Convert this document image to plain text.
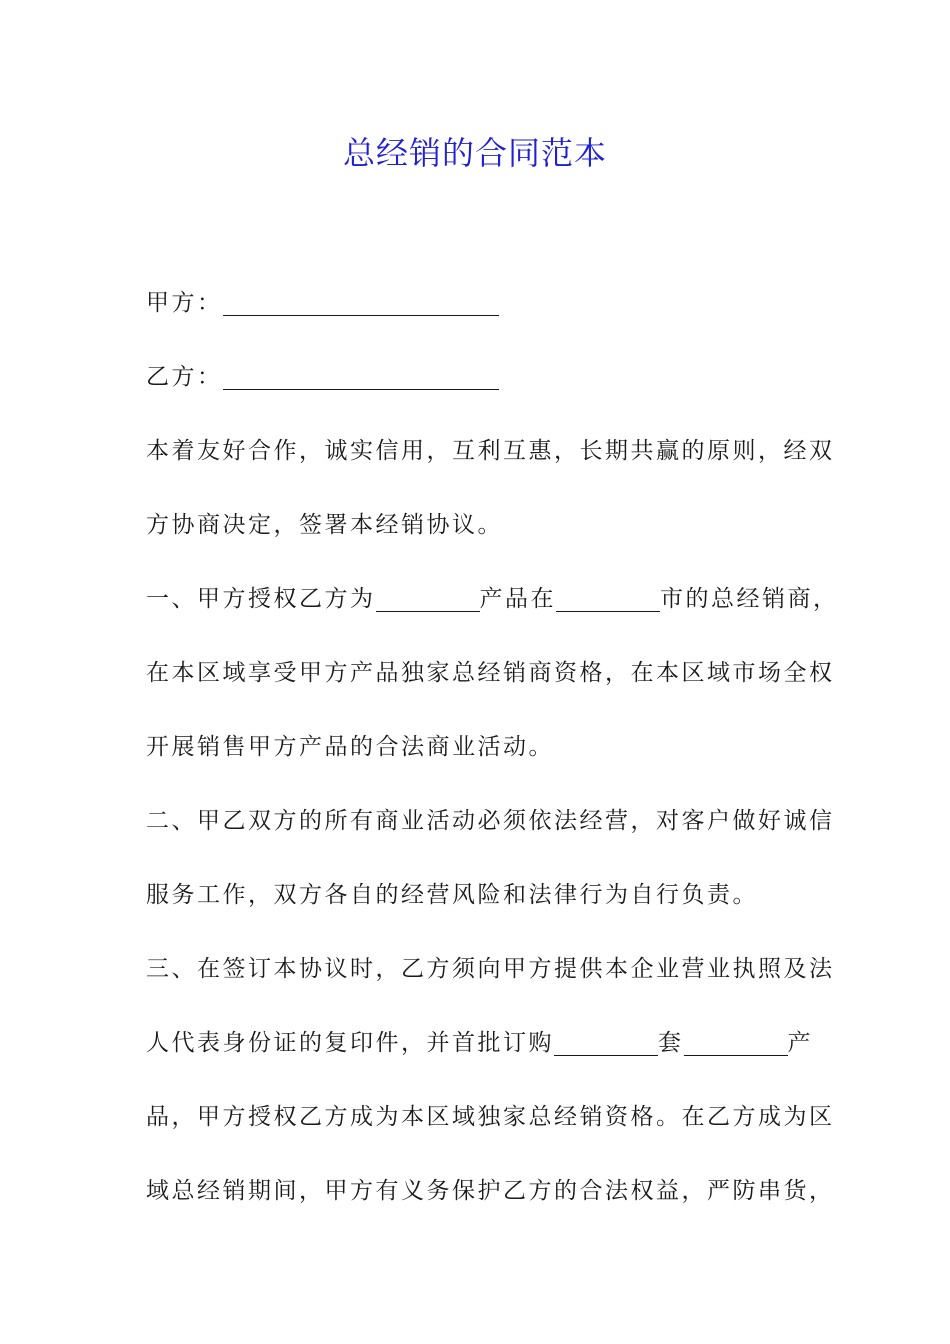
总经销的合同范本
甲方：
乙方：
本着友好合作，诚实信用，互利互惠，长期共赢的原则，经双
方协商决定，签署本经销协议。
一、甲方授权乙方为	产品在	市的总经销商，
在本区域享受甲方产品独家总经销商资格，在本区域市场全权
开展销售甲方产品的合法商业活动。
二、甲乙双方的所有商业活动必须依法经营，对客户做好诚信
服务工作，双方各自的经营风险和法律行为自行负责。
三、在签订本协议时，乙方须向甲方提供本企业营业执照及法
人代表身份证的复印件，并首批订购	套	产
品，甲方授权乙方成为本区域独家总经销资格。在乙方成为区
域总经销期间，甲方有义务保护乙方的合法权益，严防串货，
